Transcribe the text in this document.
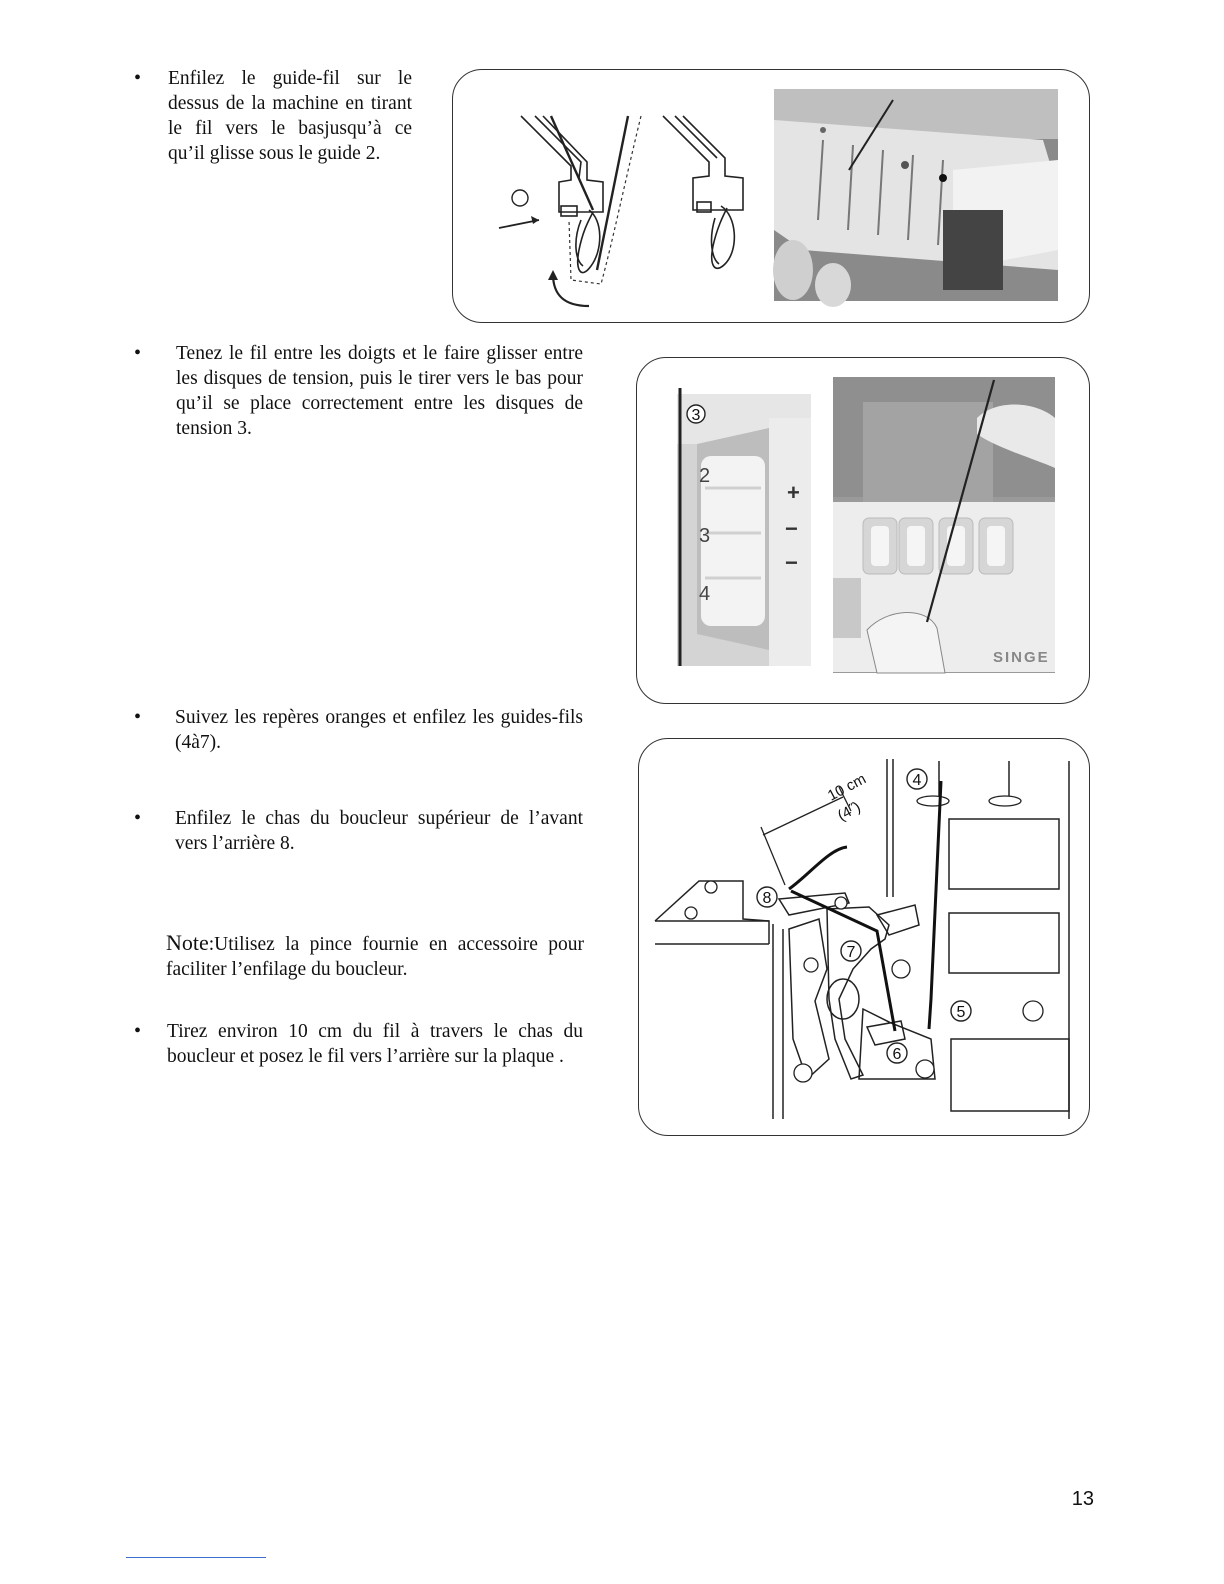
• Enfilez le guide-fil sur le dessus de la machine en tirant le fil vers le basjusqu’à ce qu’il glisse sous le guide 2.

• Tenez le fil entre les doigts et le faire glisser entre les disques de tension, puis le tirer vers le bas pour qu’il se place correctement entre les disques de tension 3.

3
2
3
4
+
−
−
SINGE
• Suivez les repères oranges et enfilez les guides-fils (4à7).

• Enfilez le chas du boucleur supérieur de l’avant vers l’arrière 8.

Note:Utilisez la pince fournie en accessoire pour faciliter l’enfilage du boucleur.
• Tirez environ 10 cm du fil à travers le chas du boucleur et posez le fil vers l’arrière sur la plaque .

10 cm
(4˝)
4
5
6
7
8
13
